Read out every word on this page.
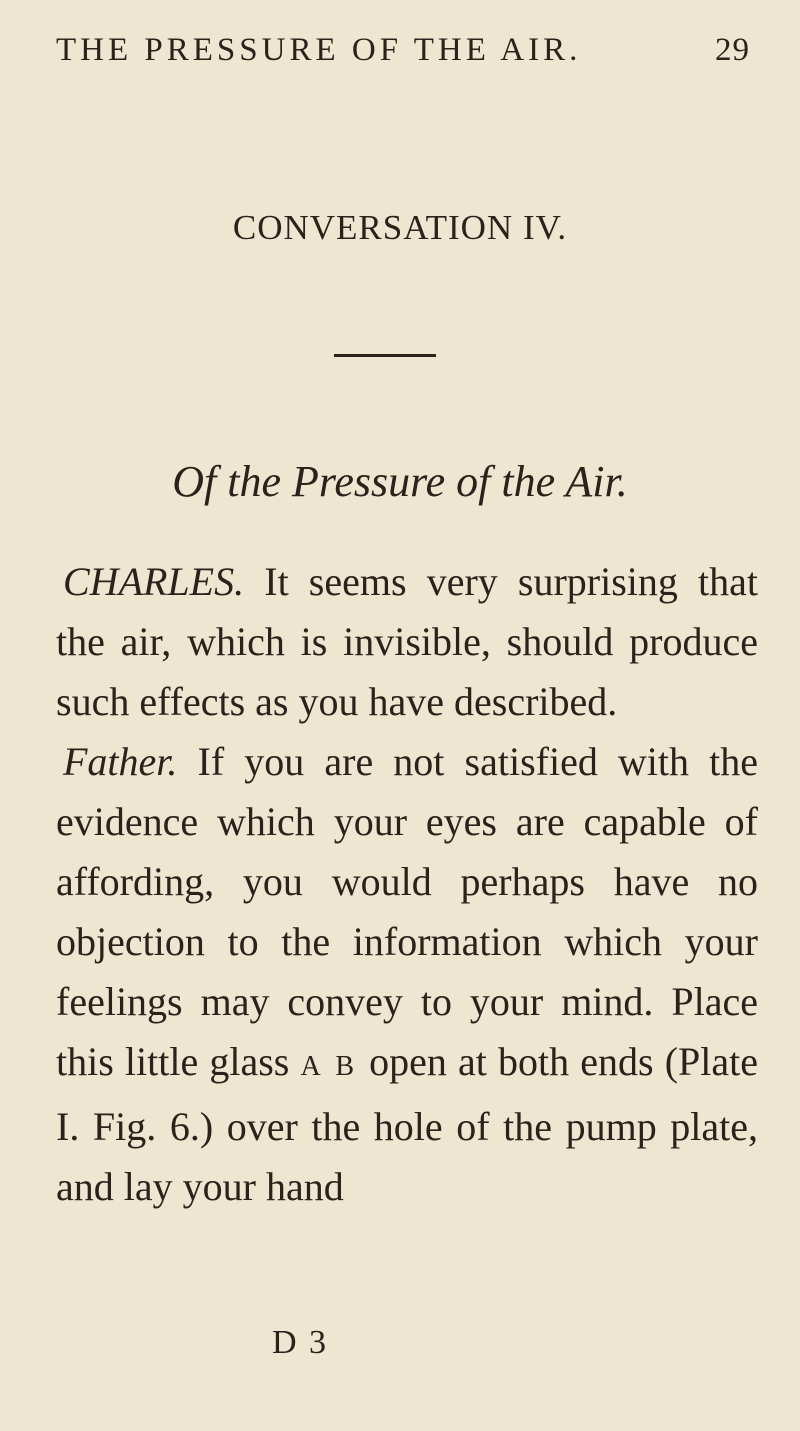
THE PRESSURE OF THE AIR.	29
CONVERSATION IV.
Of the Pressure of the Air.

CHARLES. It seems very surprising that the air, which is invisible, should produce such effects as you have described.

Father. If you are not satisfied with the evidence which your eyes are capable of affording, you would perhaps have no objection to the information which your feelings may convey to your mind. Place this little glass A B open at both ends (Plate I. Fig. 6.) over the hole of the pump plate, and lay your hand

D 3
